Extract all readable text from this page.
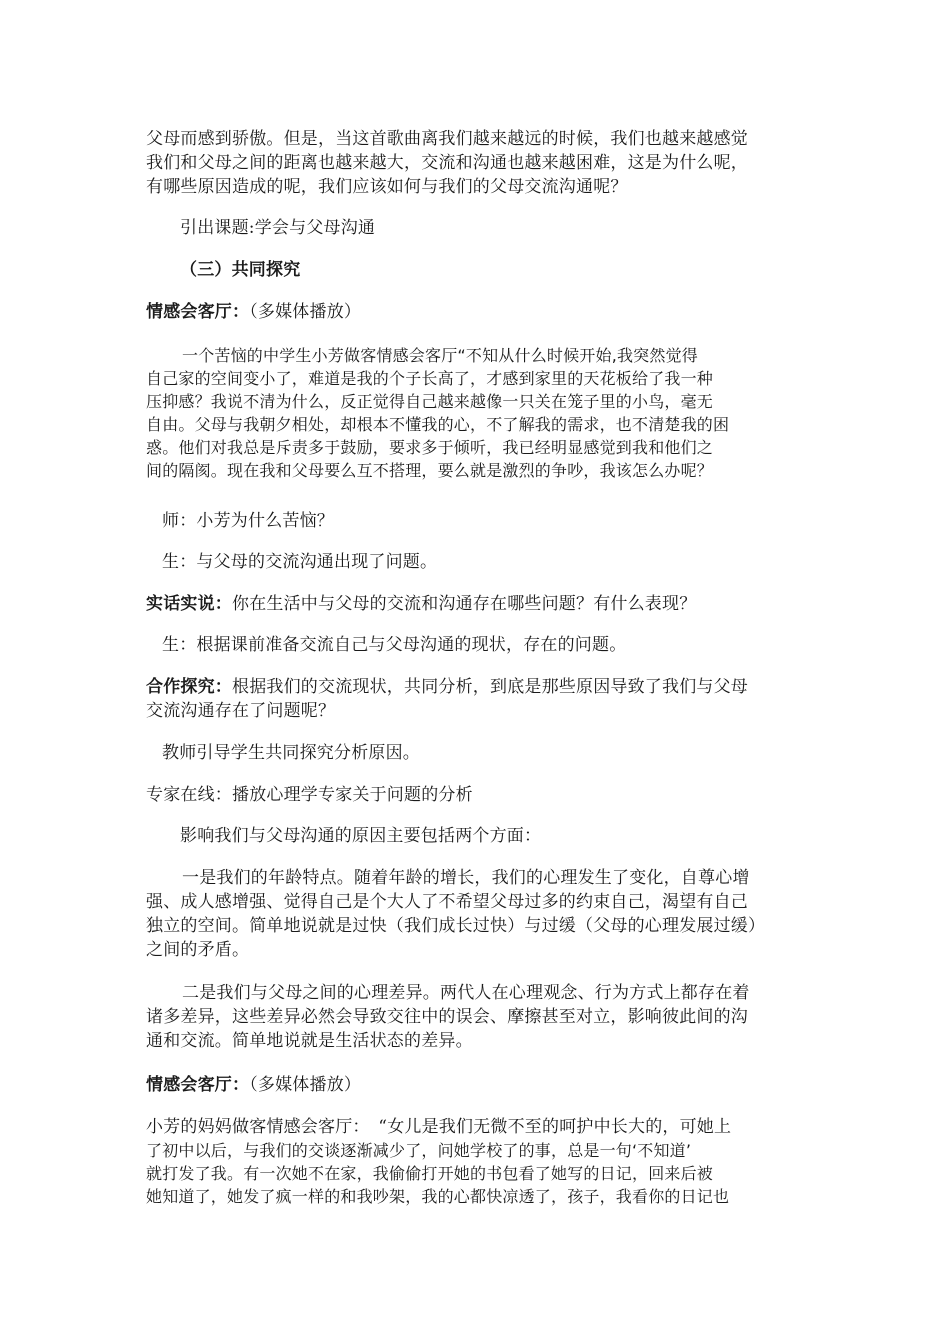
父母而感到骄傲。但是，当这首歌曲离我们越来越远的时候，我们也越来越感觉
我们和父母之间的距离也越来越大，交流和沟通也越来越困难，这是为什么呢，
有哪些原因造成的呢，我们应该如何与我们的父母交流沟通呢？
引出课题:学会与父母沟通
（三）共同探究
情感会客厅：（多媒体播放）
一个苦恼的中学生小芳做客情感会客厅“不知从什么时候开始,我突然觉得
自己家的空间变小了，难道是我的个子长高了，才感到家里的天花板给了我一种
压抑感？我说不清为什么，反正觉得自己越来越像一只关在笼子里的小鸟，毫无
自由。父母与我朝夕相处，却根本不懂我的心，不了解我的需求，也不清楚我的困
惑。他们对我总是斥责多于鼓励，要求多于倾听，我已经明显感觉到我和他们之
间的隔阂。现在我和父母要么互不搭理，要么就是激烈的争吵，我该怎么办呢？
师：小芳为什么苦恼？
生：与父母的交流沟通出现了问题。
实话实说：你在生活中与父母的交流和沟通存在哪些问题？有什么表现？
生：根据课前准备交流自己与父母沟通的现状，存在的问题。
合作探究：根据我们的交流现状，共同分析，到底是那些原因导致了我们与父母
交流沟通存在了问题呢？
教师引导学生共同探究分析原因。
专家在线：播放心理学专家关于问题的分析
影响我们与父母沟通的原因主要包括两个方面：
一是我们的年龄特点。随着年龄的增长，我们的心理发生了变化，自尊心增
强、成人感增强、觉得自己是个大人了不希望父母过多的约束自己，渴望有自己
独立的空间。简单地说就是过快（我们成长过快）与过缓（父母的心理发展过缓）
之间的矛盾。
二是我们与父母之间的心理差异。两代人在心理观念、行为方式上都存在着
诸多差异，这些差异必然会导致交往中的误会、摩擦甚至对立，影响彼此间的沟
通和交流。简单地说就是生活状态的差异。
情感会客厅：（多媒体播放）
小芳的妈妈做客情感会客厅：　“女儿是我们无微不至的呵护中长大的，可她上
了初中以后，与我们的交谈逐渐减少了，问她学校了的事，总是一句‘不知道’
就打发了我。有一次她不在家，我偷偷打开她的书包看了她写的日记，回来后被
她知道了，她发了疯一样的和我吵架，我的心都快凉透了，孩子，我看你的日记也
